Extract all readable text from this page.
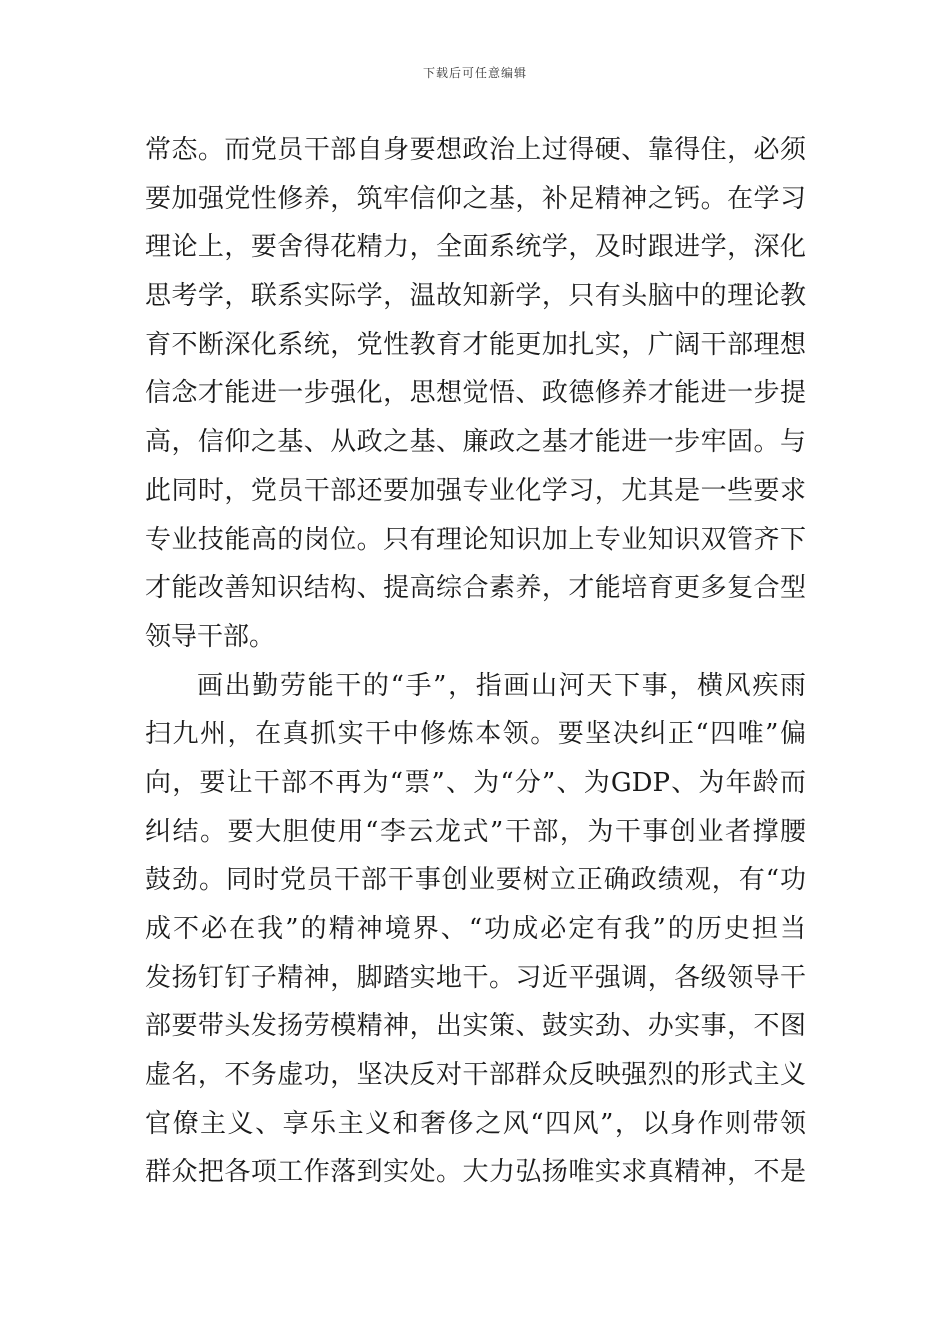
下载后可任意编辑
常态。而党员干部自身要想政治上过得硬、靠得住，必须
要加强党性修养，筑牢信仰之基，补足精神之钙。在学习
理论上，要舍得花精力，全面系统学，及时跟进学，深化
思考学，联系实际学，温故知新学，只有头脑中的理论教
育不断深化系统，党性教育才能更加扎实，广阔干部理想
信念才能进一步强化，思想觉悟、政德修养才能进一步提
高，信仰之基、从政之基、廉政之基才能进一步牢固。与
此同时，党员干部还要加强专业化学习，尤其是一些要求
专业技能高的岗位。只有理论知识加上专业知识双管齐下
才能改善知识结构、提高综合素养，才能培育更多复合型
领导干部。
画出勤劳能干的“手”，指画山河天下事，横风疾雨
扫九州，在真抓实干中修炼本领。要坚决纠正“四唯”偏
向，要让干部不再为“票”、为“分”、为GDP、为年龄而
纠结。要大胆使用“李云龙式”干部，为干事创业者撑腰
鼓劲。同时党员干部干事创业要树立正确政绩观，有“功
成不必在我”的精神境界、“功成必定有我”的历史担当
发扬钉钉子精神，脚踏实地干。习近平强调，各级领导干
部要带头发扬劳模精神，出实策、鼓实劲、办实事，不图
虚名，不务虚功，坚决反对干部群众反映强烈的形式主义
官僚主义、享乐主义和奢侈之风“四风”，以身作则带领
群众把各项工作落到实处。大力弘扬唯实求真精神，不是
